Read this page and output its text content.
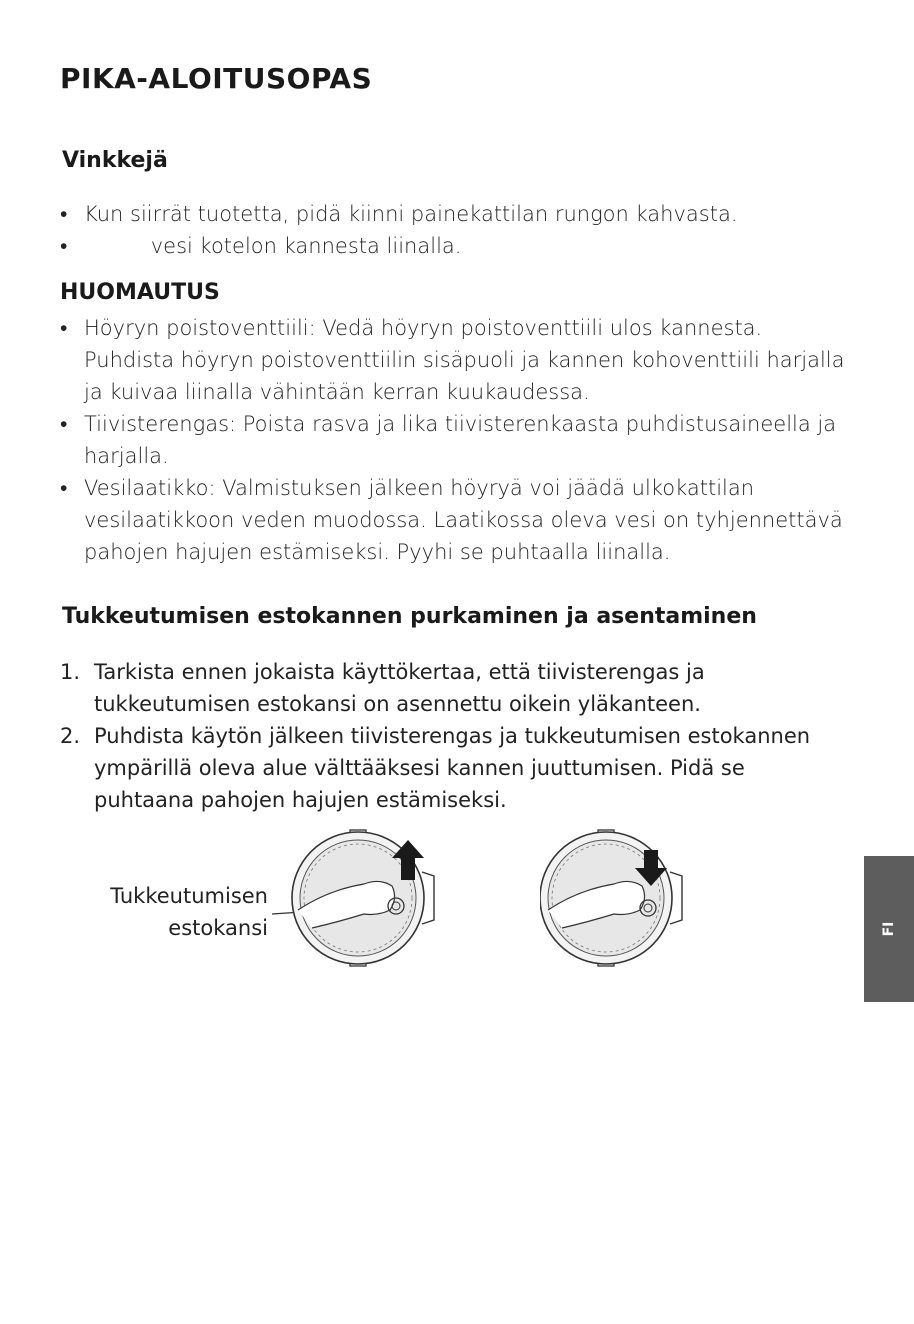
PIKA-ALOITUSOPAS
Vinkkejä
• Kun siirrät tuotetta, pidä kiinni painekattilan rungon kahvasta.
•           vesi kotelon kannesta liinalla.
HUOMAUTUS
• Höyryn poistoventtiili: Vedä höyryn poistoventtiili ulos kannesta. Puhdista höyryn poistoventtiilin sisäpuoli ja kannen kohoventtiili harjalla ja kuivaa liinalla vähintään kerran kuukaudessa.
• Tiivisterengas: Poista rasva ja lika tiivisterenkaasta puhdistusaineella ja harjalla.
• Vesilaatikko: Valmistuksen jälkeen höyryä voi jäädä ulkokattilan vesilaatikkoon veden muodossa. Laatikossa oleva vesi on tyhjennettävä pahojen hajujen estämiseksi. Pyyhi se puhtaalla liinalla.
Tukkeutumisen estokannen purkaminen ja asentaminen
1. Tarkista ennen jokaista käyttökertaa, että tiivisterengas ja tukkeutumisen estokansi on asennettu oikein yläkanteen.
2. Puhdista käytön jälkeen tiivisterengas ja tukkeutumisen estokannen ympärillä oleva alue välttääksesi kannen juuttumisen. Pidä se puhtaana pahojen hajujen estämiseksi.
Tukkeutumisen
estokansi	FI
